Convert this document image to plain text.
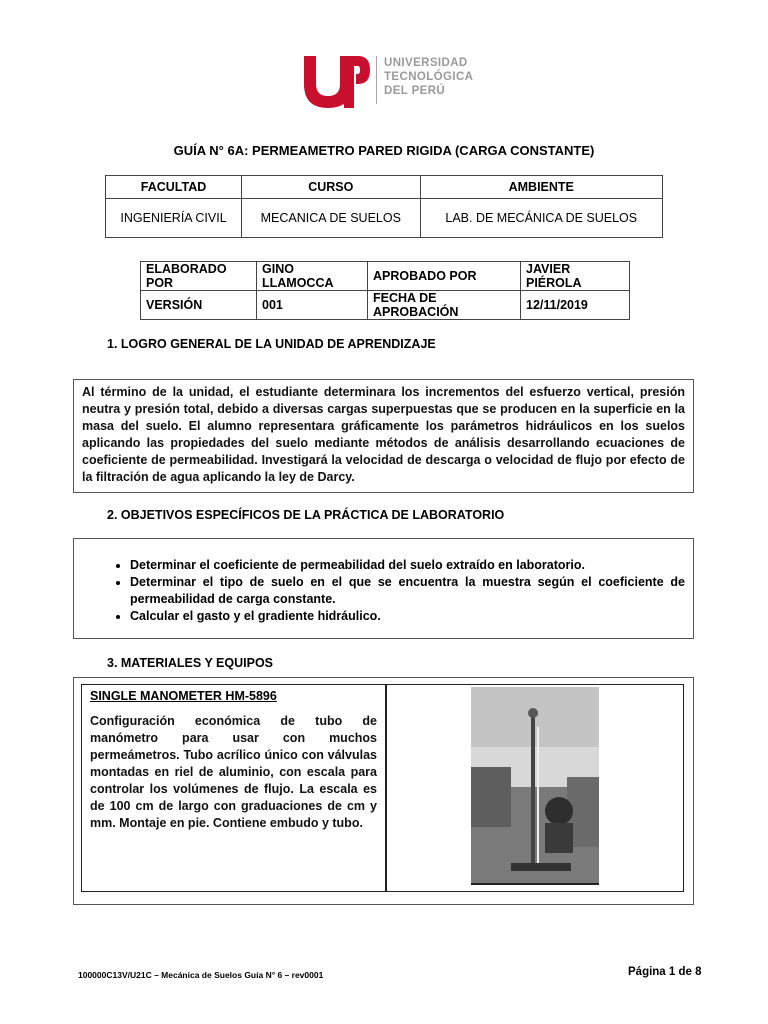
UNIVERSIDAD
TECNOLÓGICA
DEL PERÚ
GUÍA N° 6A: PERMEAMETRO PARED RIGIDA (CARGA CONSTANTE)
FACULTAD	CURSO	AMBIENTE
INGENIERÍA CIVIL	MECANICA DE SUELOS	LAB. DE MECÁNICA DE SUELOS
ELABORADO POR	GINO LLAMOCCA	APROBADO POR	JAVIER PIÉROLA
VERSIÓN	001	FECHA DE APROBACIÓN	12/11/2019
1. LOGRO GENERAL DE LA UNIDAD DE APRENDIZAJE
Al término de la unidad, el estudiante determinara los incrementos del esfuerzo vertical, presión neutra y presión total, debido a diversas cargas superpuestas que se producen en la superficie en la masa del suelo. El alumno representara gráficamente los parámetros hidráulicos en los suelos aplicando las propiedades del suelo mediante métodos de análisis desarrollando ecuaciones de coeficiente de permeabilidad. Investigará la velocidad de descarga o velocidad de flujo por efecto de la filtración de agua aplicando la ley de Darcy.
2. OBJETIVOS ESPECÍFICOS DE LA PRÁCTICA DE LABORATORIO
• Determinar el coeficiente de permeabilidad del suelo extraído en laboratorio.
• Determinar el tipo de suelo en el que se encuentra la muestra según el coeficiente de permeabilidad de carga constante.
• Calcular el gasto y el gradiente hidráulico.
3. MATERIALES Y EQUIPOS
SINGLE MANOMETER HM-5896
Configuración económica de tubo de manómetro para usar con muchos permeámetros. Tubo acrílico único con válvulas montadas en riel de aluminio, con escala para controlar los volúmenes de flujo. La escala es de 100 cm de largo con graduaciones de cm y mm. Montaje en pie. Contiene embudo y tubo.
100000C13V/U21C – Mecánica de Suelos Guía N° 6 – rev0001	Página 1 de 8
